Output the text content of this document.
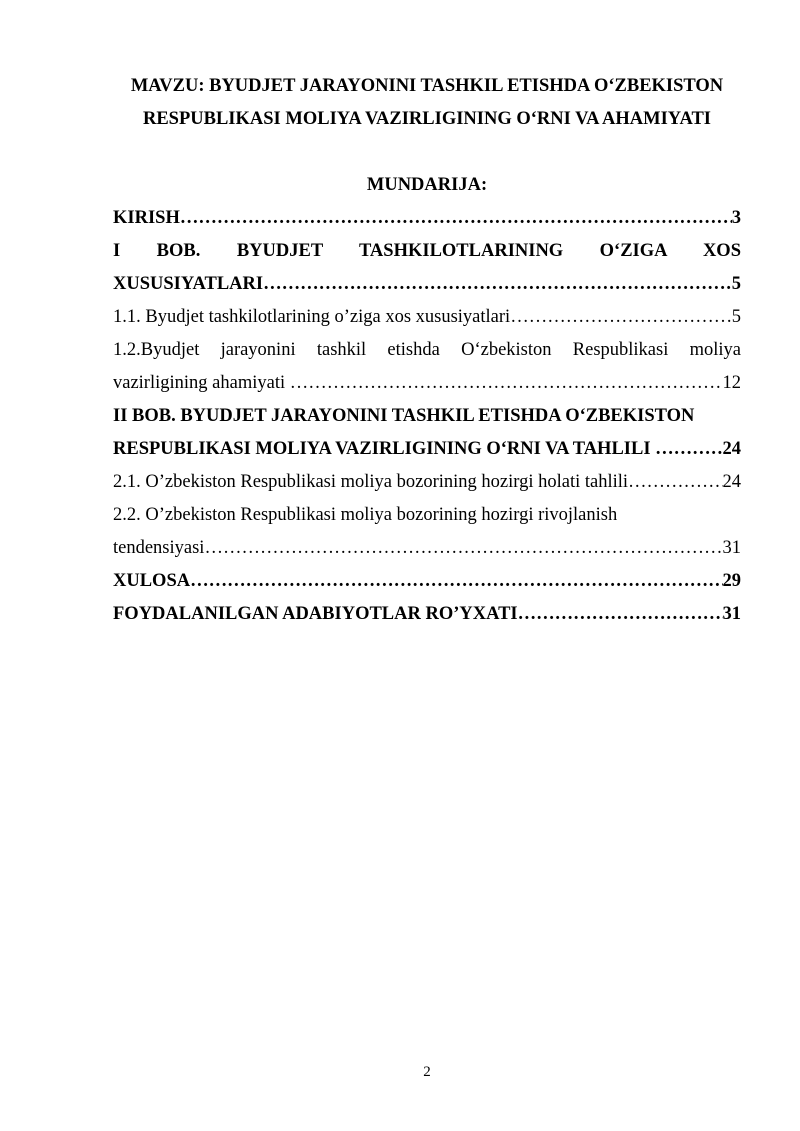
MAVZU: BYUDJET JARAYONINI TASHKIL ETISHDA OʻZBEKISTON
RESPUBLIKASI MOLIYA VAZIRLIGINING OʻRNI VA AHAMIYATI
MUNDARIJA:
KIRISH ……………………………………………………………………………………………………………………………………………………	3
I BOB. BYUDJET TASHKILOTLARINING OʻZIGA XOS
XUSUSIYATLARI ……………………………………………………………………………………………………………………………………………………	5
1.1. Byudjet tashkilotlarining o’ziga xos xususiyatlari ……………………………………………………………………………………………………………………………………………………	5
1.2.Byudjet jarayonini tashkil etishda Oʻzbekiston Respublikasi moliya
vazirligining ahamiyati ……………………………………………………………………………………………………………………………………………………	12
II BOB. BYUDJET JARAYONINI TASHKIL ETISHDA OʻZBEKISTON
RESPUBLIKASI MOLIYA VAZIRLIGINING OʻRNI VA TAHLILI ……………………………………………………………………………………………………………………………………………………	24
2.1. O’zbekiston Respublikasi moliya bozorining hozirgi holati tahlili ……………………………………………………………………………………………………………………………………………………	24
2.2. O’zbekiston Respublikasi moliya bozorining hozirgi rivojlanish
tendensiyasi ……………………………………………………………………………………………………………………………………………………	31
XULOSA ……………………………………………………………………………………………………………………………………………………	29
FOYDALANILGAN ADABIYOTLAR RO’YXATI ……………………………………………………………………………………………………………………………………………………	31
2
